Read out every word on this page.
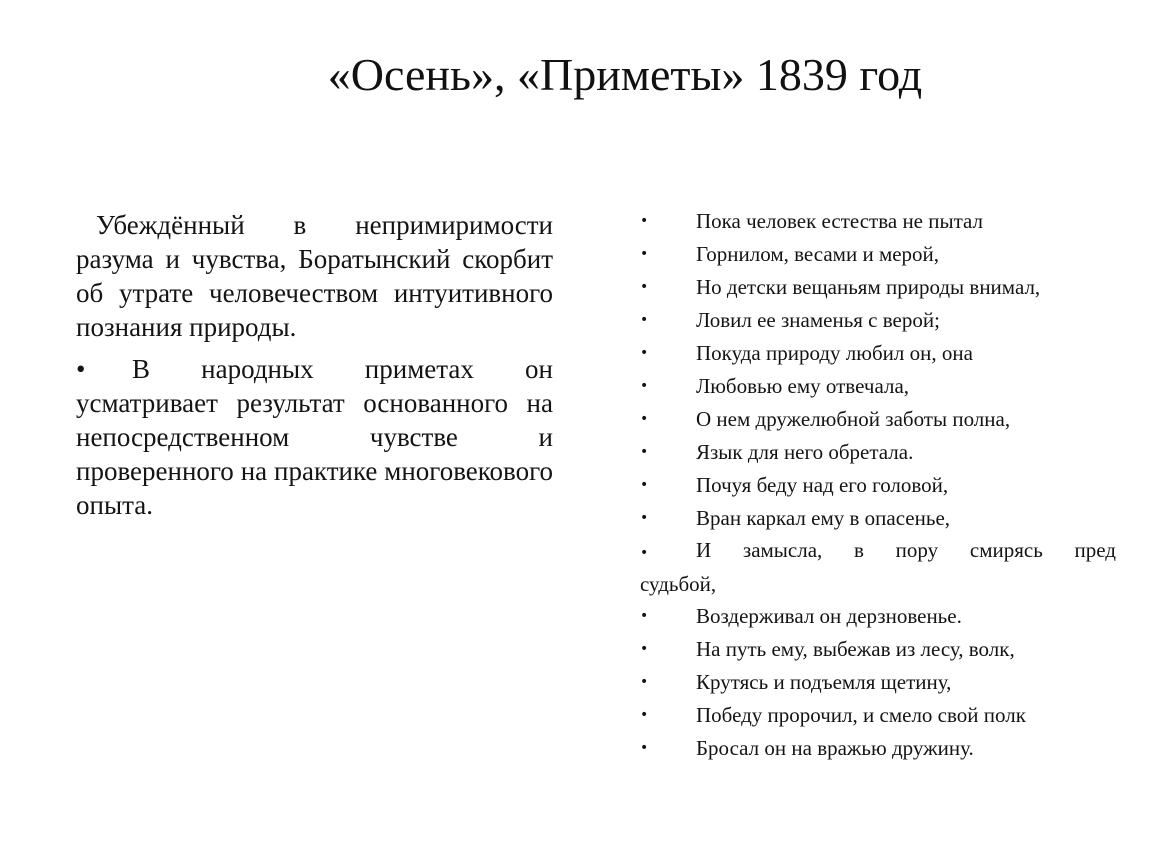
«Осень», «Приметы» 1839 год

Убеждённый в непримиримости разума и чувства, Боратынский скорбит об утрате человечеством интуитивного познания природы.

• В народных приметах он усматривает результат основанного на непосредственном чувстве и проверенного на практике многовекового опыта.

•	Пока человек естества не пытал
•	Горнилом, весами и мерой,
•	Но детски вещаньям природы внимал,
•	Ловил ее знаменья с верой;
•	Покуда природу любил он, она
•	Любовью ему отвечала,
•	О нем дружелюбной заботы полна,
•	Язык для него обретала.
•	Почуя беду над его головой,
•	Вран каркал ему в опасенье,
• И замысла, в пору смирясь пред судьбой,
•	Воздерживал он дерзновенье.
•	На путь ему, выбежав из лесу, волк,
•	Крутясь и подъемля щетину,
•	Победу пророчил, и смело свой полк
•	Бросал он на вражью дружину.
